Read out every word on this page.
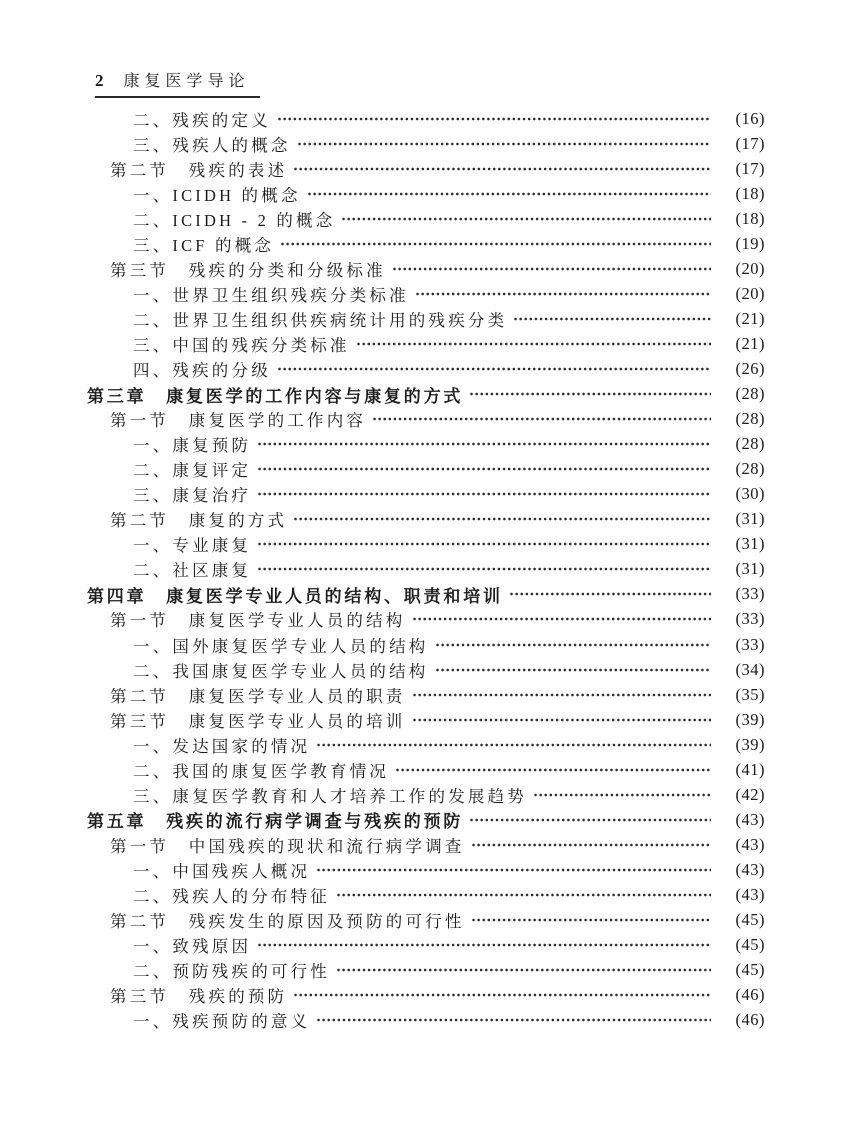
2 康复医学导论
二、残疾的定义	(16)
三、残疾人的概念	(17)
第二节　残疾的表述	(17)
一、ICIDH 的概念	(18)
二、ICIDH - 2 的概念	(18)
三、ICF 的概念	(19)
第三节　残疾的分类和分级标准	(20)
一、世界卫生组织残疾分类标准	(20)
二、世界卫生组织供疾病统计用的残疾分类	(21)
三、中国的残疾分类标准	(21)
四、残疾的分级	(26)
第三章　康复医学的工作内容与康复的方式	(28)
第一节　康复医学的工作内容	(28)
一、康复预防	(28)
二、康复评定	(28)
三、康复治疗	(30)
第二节　康复的方式	(31)
一、专业康复	(31)
二、社区康复	(31)
第四章　康复医学专业人员的结构、职责和培训	(33)
第一节　康复医学专业人员的结构	(33)
一、国外康复医学专业人员的结构	(33)
二、我国康复医学专业人员的结构	(34)
第二节　康复医学专业人员的职责	(35)
第三节　康复医学专业人员的培训	(39)
一、发达国家的情况	(39)
二、我国的康复医学教育情况	(41)
三、康复医学教育和人才培养工作的发展趋势	(42)
第五章　残疾的流行病学调查与残疾的预防	(43)
第一节　中国残疾的现状和流行病学调查	(43)
一、中国残疾人概况	(43)
二、残疾人的分布特征	(43)
第二节　残疾发生的原因及预防的可行性	(45)
一、致残原因	(45)
二、预防残疾的可行性	(45)
第三节　残疾的预防	(46)
一、残疾预防的意义	(46)
